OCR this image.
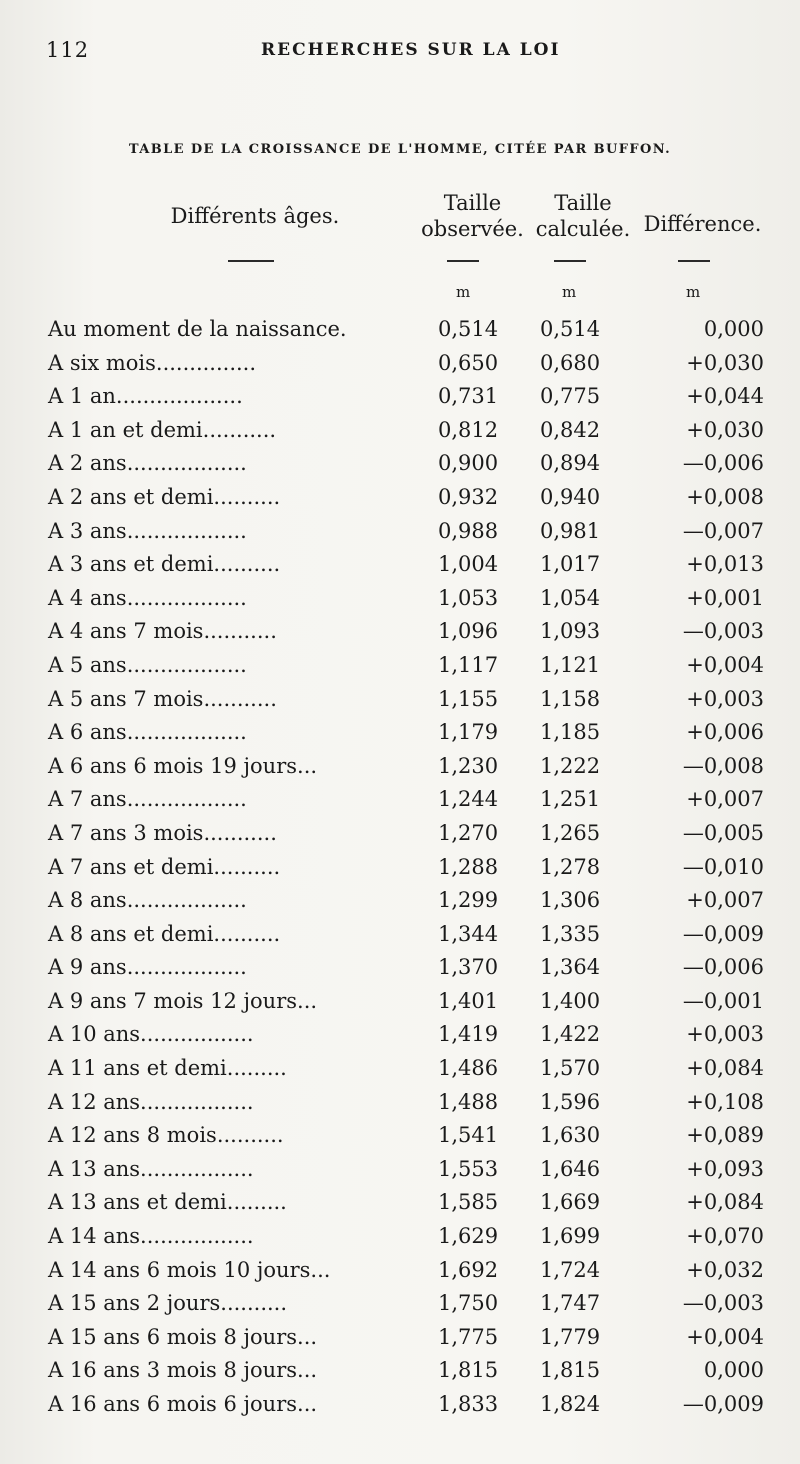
112	RECHERCHES SUR LA LOI
TABLE DE LA CROISSANCE DE L'HOMME, CITÉE PAR BUFFON.
Différents âges.
Taille
observée.
Taille
calculée. Différence.
m	m	m
Au moment de la naissance.	0,514 0,514	0,000
A six mois...............	0,650 0,680	+0,030
A 1 an...................	0,731 0,775	+0,044
A 1 an et demi...........	0,812 0,842	+0,030
A 2 ans..................	0,900 0,894	—0,006
A 2 ans et demi..........	0,932 0,940	+0,008
A 3 ans..................	0,988 0,981	—0,007
A 3 ans et demi..........	1,004 1,017	+0,013
A 4 ans..................	1,053 1,054	+0,001
A 4 ans 7 mois...........	1,096 1,093	—0,003
A 5 ans..................	1,117 1,121	+0,004
A 5 ans 7 mois...........	1,155 1,158	+0,003
A 6 ans..................	1,179 1,185	+0,006
A 6 ans 6 mois 19 jours...	1,230 1,222	—0,008
A 7 ans..................	1,244 1,251	+0,007
A 7 ans 3 mois...........	1,270 1,265	—0,005
A 7 ans et demi..........	1,288 1,278	—0,010
A 8 ans..................	1,299 1,306	+0,007
A 8 ans et demi..........	1,344 1,335	—0,009
A 9 ans..................	1,370 1,364	—0,006
A 9 ans 7 mois 12 jours...	1,401 1,400	—0,001
A 10 ans.................	1,419 1,422	+0,003
A 11 ans et demi.........	1,486 1,570	+0,084
A 12 ans.................	1,488 1,596	+0,108
A 12 ans 8 mois..........	1,541 1,630	+0,089
A 13 ans.................	1,553 1,646	+0,093
A 13 ans et demi.........	1,585 1,669	+0,084
A 14 ans.................	1,629 1,699	+0,070
A 14 ans 6 mois 10 jours...	1,692 1,724	+0,032
A 15 ans 2 jours..........	1,750 1,747	—0,003
A 15 ans 6 mois 8 jours...	1,775 1,779	+0,004
A 16 ans 3 mois 8 jours...	1,815 1,815	0,000
A 16 ans 6 mois 6 jours...	1,833 1,824	—0,009
